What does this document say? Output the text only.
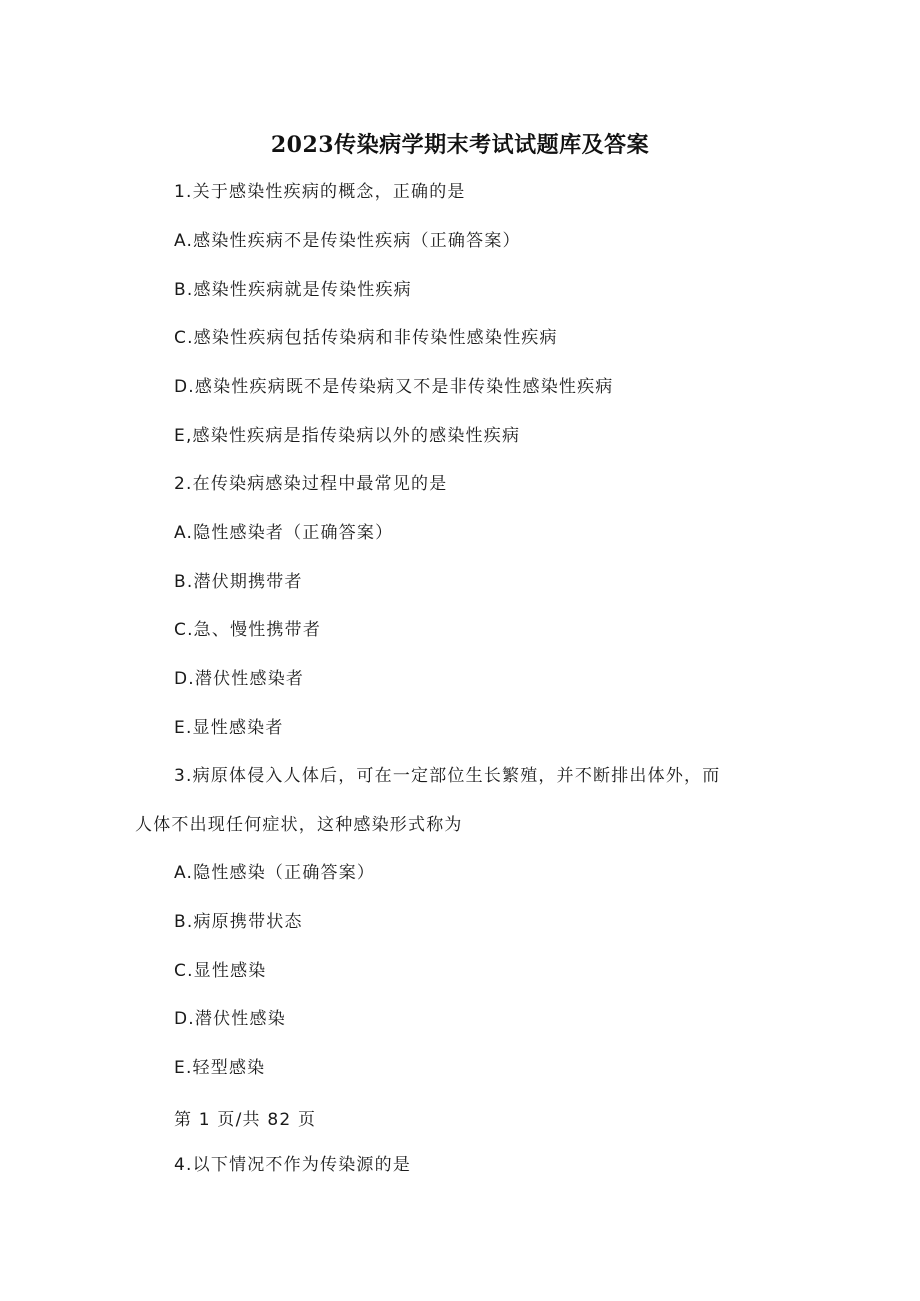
2023传染病学期末考试试题库及答案
1.关于感染性疾病的概念，正确的是
A.感染性疾病不是传染性疾病（正确答案）
B.感染性疾病就是传染性疾病
C.感染性疾病包括传染病和非传染性感染性疾病
D.感染性疾病既不是传染病又不是非传染性感染性疾病
E,感染性疾病是指传染病以外的感染性疾病
2.在传染病感染过程中最常见的是
A.隐性感染者（正确答案）
B.潜伏期携带者
C.急、慢性携带者
D.潜伏性感染者
E.显性感染者
3.病原体侵入人体后，可在一定部位生长繁殖，并不断排出体外，而
人体不出现任何症状，这种感染形式称为
A.隐性感染（正确答案）
B.病原携带状态
C.显性感染
D.潜伏性感染
E.轻型感染
第 1 页/共 82 页
4.以下情况不作为传染源的是
